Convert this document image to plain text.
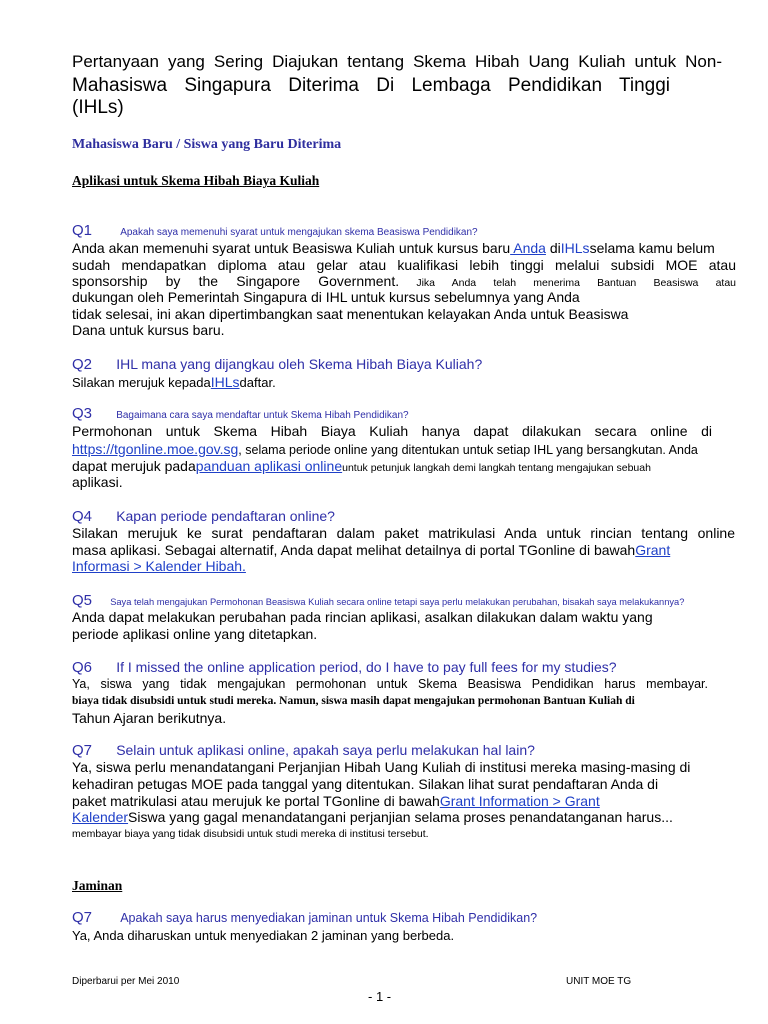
Pertanyaan yang Sering Diajukan tentang Skema Hibah Uang Kuliah untuk Non-
Mahasiswa Singapura Diterima Di Lembaga Pendidikan Tinggi
(IHLs)
Mahasiswa Baru / Siswa yang Baru Diterima
Aplikasi untuk Skema Hibah Biaya Kuliah
Q1	Apakah saya memenuhi syarat untuk mengajukan skema Beasiswa Pendidikan?
Anda akan memenuhi syarat untuk Beasiswa Kuliah untuk kursus baru Anda diIHLsselama kamu belum
sudah mendapatkan diploma atau gelar atau kualifikasi lebih tinggi melalui subsidi MOE atau
sponsorship by the Singapore Government. Jika Anda telah menerima Bantuan Beasiswa atau
dukungan oleh Pemerintah Singapura di IHL untuk kursus sebelumnya yang Anda
tidak selesai, ini akan dipertimbangkan saat menentukan kelayakan Anda untuk Beasiswa
Dana untuk kursus baru.
Q2 IHL mana yang dijangkau oleh Skema Hibah Biaya Kuliah?
Silakan merujuk kepadaIHLsdaftar.
Q3 Bagaimana cara saya mendaftar untuk Skema Hibah Pendidikan?
Permohonan untuk Skema Hibah Biaya Kuliah hanya dapat dilakukan secara online di
https://tgonline.moe.gov.sg, selama periode online yang ditentukan untuk setiap IHL yang bersangkutan. Anda
dapat merujuk padapanduan aplikasi onlineuntuk petunjuk langkah demi langkah tentang mengajukan sebuah
aplikasi.
Q4 Kapan periode pendaftaran online?
Silakan merujuk ke surat pendaftaran dalam paket matrikulasi Anda untuk rincian tentang online
masa aplikasi. Sebagai alternatif, Anda dapat melihat detailnya di portal TGonline di bawahGrant
Informasi > Kalender Hibah.
Q5 Saya telah mengajukan Permohonan Beasiswa Kuliah secara online tetapi saya perlu melakukan perubahan, bisakah saya melakukannya?
Anda dapat melakukan perubahan pada rincian aplikasi, asalkan dilakukan dalam waktu yang
periode aplikasi online yang ditetapkan.
Q6 If I missed the online application period, do I have to pay full fees for my studies?
Ya, siswa yang tidak mengajukan permohonan untuk Skema Beasiswa Pendidikan harus membayar.
biaya tidak disubsidi untuk studi mereka. Namun, siswa masih dapat mengajukan permohonan Bantuan Kuliah di
Tahun Ajaran berikutnya.
Q7 Selain untuk aplikasi online, apakah saya perlu melakukan hal lain?
Ya, siswa perlu menandatangani Perjanjian Hibah Uang Kuliah di institusi mereka masing-masing di
kehadiran petugas MOE pada tanggal yang ditentukan. Silakan lihat surat pendaftaran Anda di
paket matrikulasi atau merujuk ke portal TGonline di bawahGrant Information > Grant
KalenderSiswa yang gagal menandatangani perjanjian selama proses penandatanganan harus...
membayar biaya yang tidak disubsidi untuk studi mereka di institusi tersebut.
Jaminan
Q7 Apakah saya harus menyediakan jaminan untuk Skema Hibah Pendidikan?
Ya, Anda diharuskan untuk menyediakan 2 jaminan yang berbeda.
Diperbarui per Mei 2010	UNIT MOE TG
- 1 -
